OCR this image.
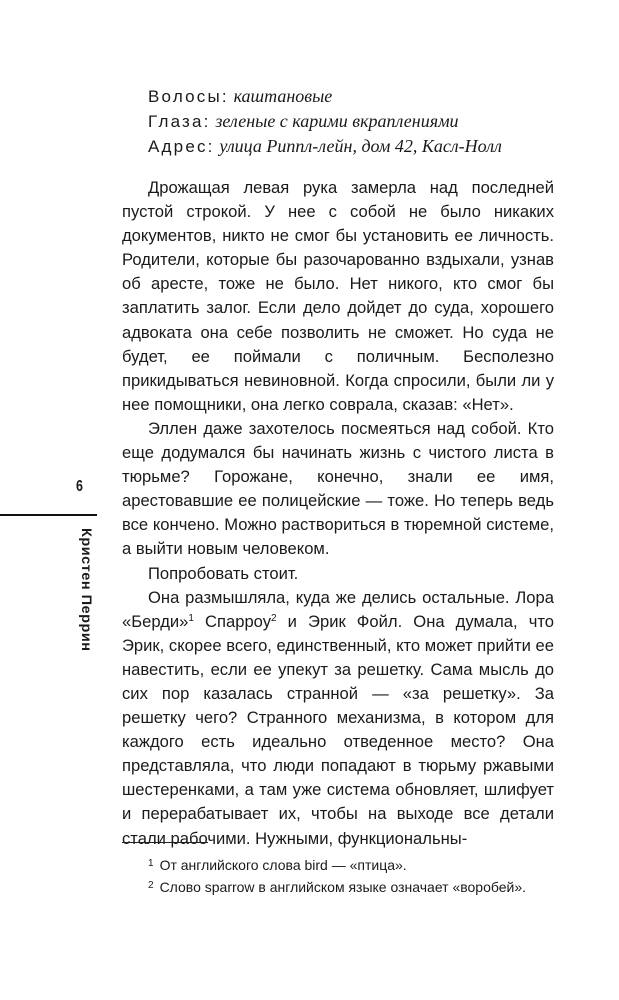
Волосы: каштановые
Глаза: зеленые с карими вкраплениями
Адрес: улица Риппл-лейн, дом 42, Касл-Нолл

Дрожащая левая рука замерла над последней пустой строкой. У нее с собой не было никаких документов, никто не смог бы установить ее личность. Родители, которые бы разочарованно вздыхали, узнав об аресте, тоже не было. Нет никого, кто смог бы заплатить залог. Если дело дойдет до суда, хорошего адвоката она себе позволить не сможет. Но суда не будет, ее поймали с поличным. Бесполезно прикидываться невиновной. Когда спросили, были ли у нее помощники, она легко соврала, сказав: «Нет».

Эллен даже захотелось посмеяться над собой. Кто еще додумался бы начинать жизнь с чистого листа в тюрьме? Горожане, конечно, знали ее имя, арестовавшие ее полицейские — тоже. Но теперь ведь все кончено. Можно раствориться в тюремной системе, а выйти новым человеком.

Попробовать стоит.

Она размышляла, куда же делись остальные. Лора «Берди»$^1$ Спарроу$^2$ и Эрик Фойл. Она думала, что Эрик, скорее всего, единственный, кто может прийти ее навестить, если ее упекут за решетку. Сама мысль до сих пор казалась странной — «за решетку». За решетку чего? Странного механизма, в котором для каждого есть идеально отведенное место? Она представляла, что люди попадают в тюрьму ржавыми шестеренками, а там уже система обновляет, шлифует и перерабатывает их, чтобы на выходе все детали стали рабочими. Нужными, функциональны-

$^1$ От английского слова bird — «птица».

$^2$ Слово sparrow в английском языке означает «воробей».

6
Кристен Перрин
